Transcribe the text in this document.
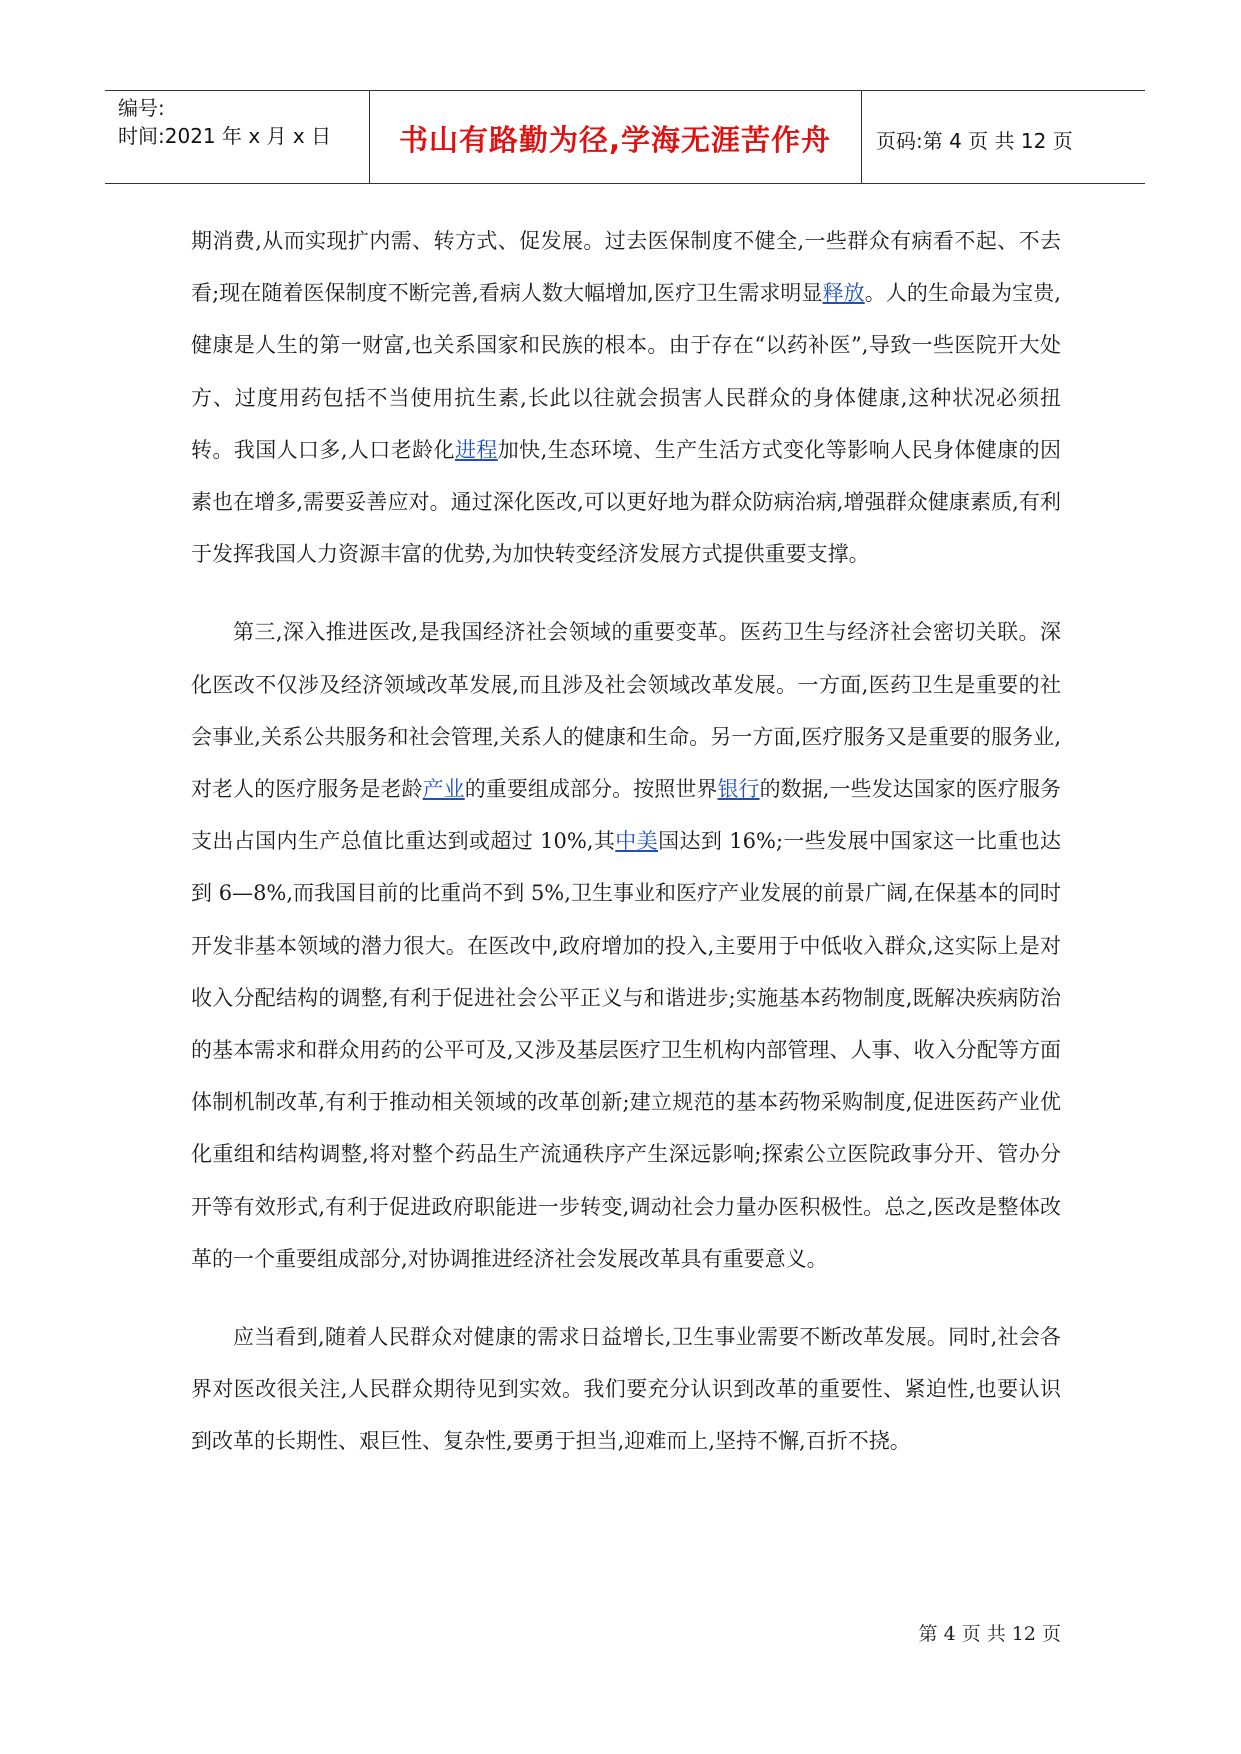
编号:
时间:2021 年 x 月 x 日	书山有路勤为径,学海无涯苦作舟	页码:第 4 页 共 12 页

期消费,从而实现扩内需、转方式、促发展。过去医保制度不健全,一些群众有病看不起、不去看;现在随着医保制度不断完善,看病人数大幅增加,医疗卫生需求明显释放。人的生命最为宝贵,健康是人生的第一财富,也关系国家和民族的根本。由于存在“以药补医”,导致一些医院开大处方、过度用药包括不当使用抗生素,长此以往就会损害人民群众的身体健康,这种状况必须扭转。我国人口多,人口老龄化进程加快,生态环境、生产生活方式变化等影响人民身体健康的因素也在增多,需要妥善应对。通过深化医改,可以更好地为群众防病治病,增强群众健康素质,有利于发挥我国人力资源丰富的优势,为加快转变经济发展方式提供重要支撑。

第三,深入推进医改,是我国经济社会领域的重要变革。医药卫生与经济社会密切关联。深化医改不仅涉及经济领域改革发展,而且涉及社会领域改革发展。一方面,医药卫生是重要的社会事业,关系公共服务和社会管理,关系人的健康和生命。另一方面,医疗服务又是重要的服务业,对老人的医疗服务是老龄产业的重要组成部分。按照世界银行的数据,一些发达国家的医疗服务支出占国内生产总值比重达到或超过 10%,其中美国达到 16%;一些发展中国家这一比重也达到 6—8%,而我国目前的比重尚不到 5%,卫生事业和医疗产业发展的前景广阔,在保基本的同时开发非基本领域的潜力很大。在医改中,政府增加的投入,主要用于中低收入群众,这实际上是对收入分配结构的调整,有利于促进社会公平正义与和谐进步;实施基本药物制度,既解决疾病防治的基本需求和群众用药的公平可及,又涉及基层医疗卫生机构内部管理、人事、收入分配等方面体制机制改革,有利于推动相关领域的改革创新;建立规范的基本药物采购制度,促进医药产业优化重组和结构调整,将对整个药品生产流通秩序产生深远影响;探索公立医院政事分开、管办分开等有效形式,有利于促进政府职能进一步转变,调动社会力量办医积极性。总之,医改是整体改革的一个重要组成部分,对协调推进经济社会发展改革具有重要意义。

应当看到,随着人民群众对健康的需求日益增长,卫生事业需要不断改革发展。同时,社会各界对医改很关注,人民群众期待见到实效。我们要充分认识到改革的重要性、紧迫性,也要认识到改革的长期性、艰巨性、复杂性,要勇于担当,迎难而上,坚持不懈,百折不挠。

第 4 页 共 12 页
